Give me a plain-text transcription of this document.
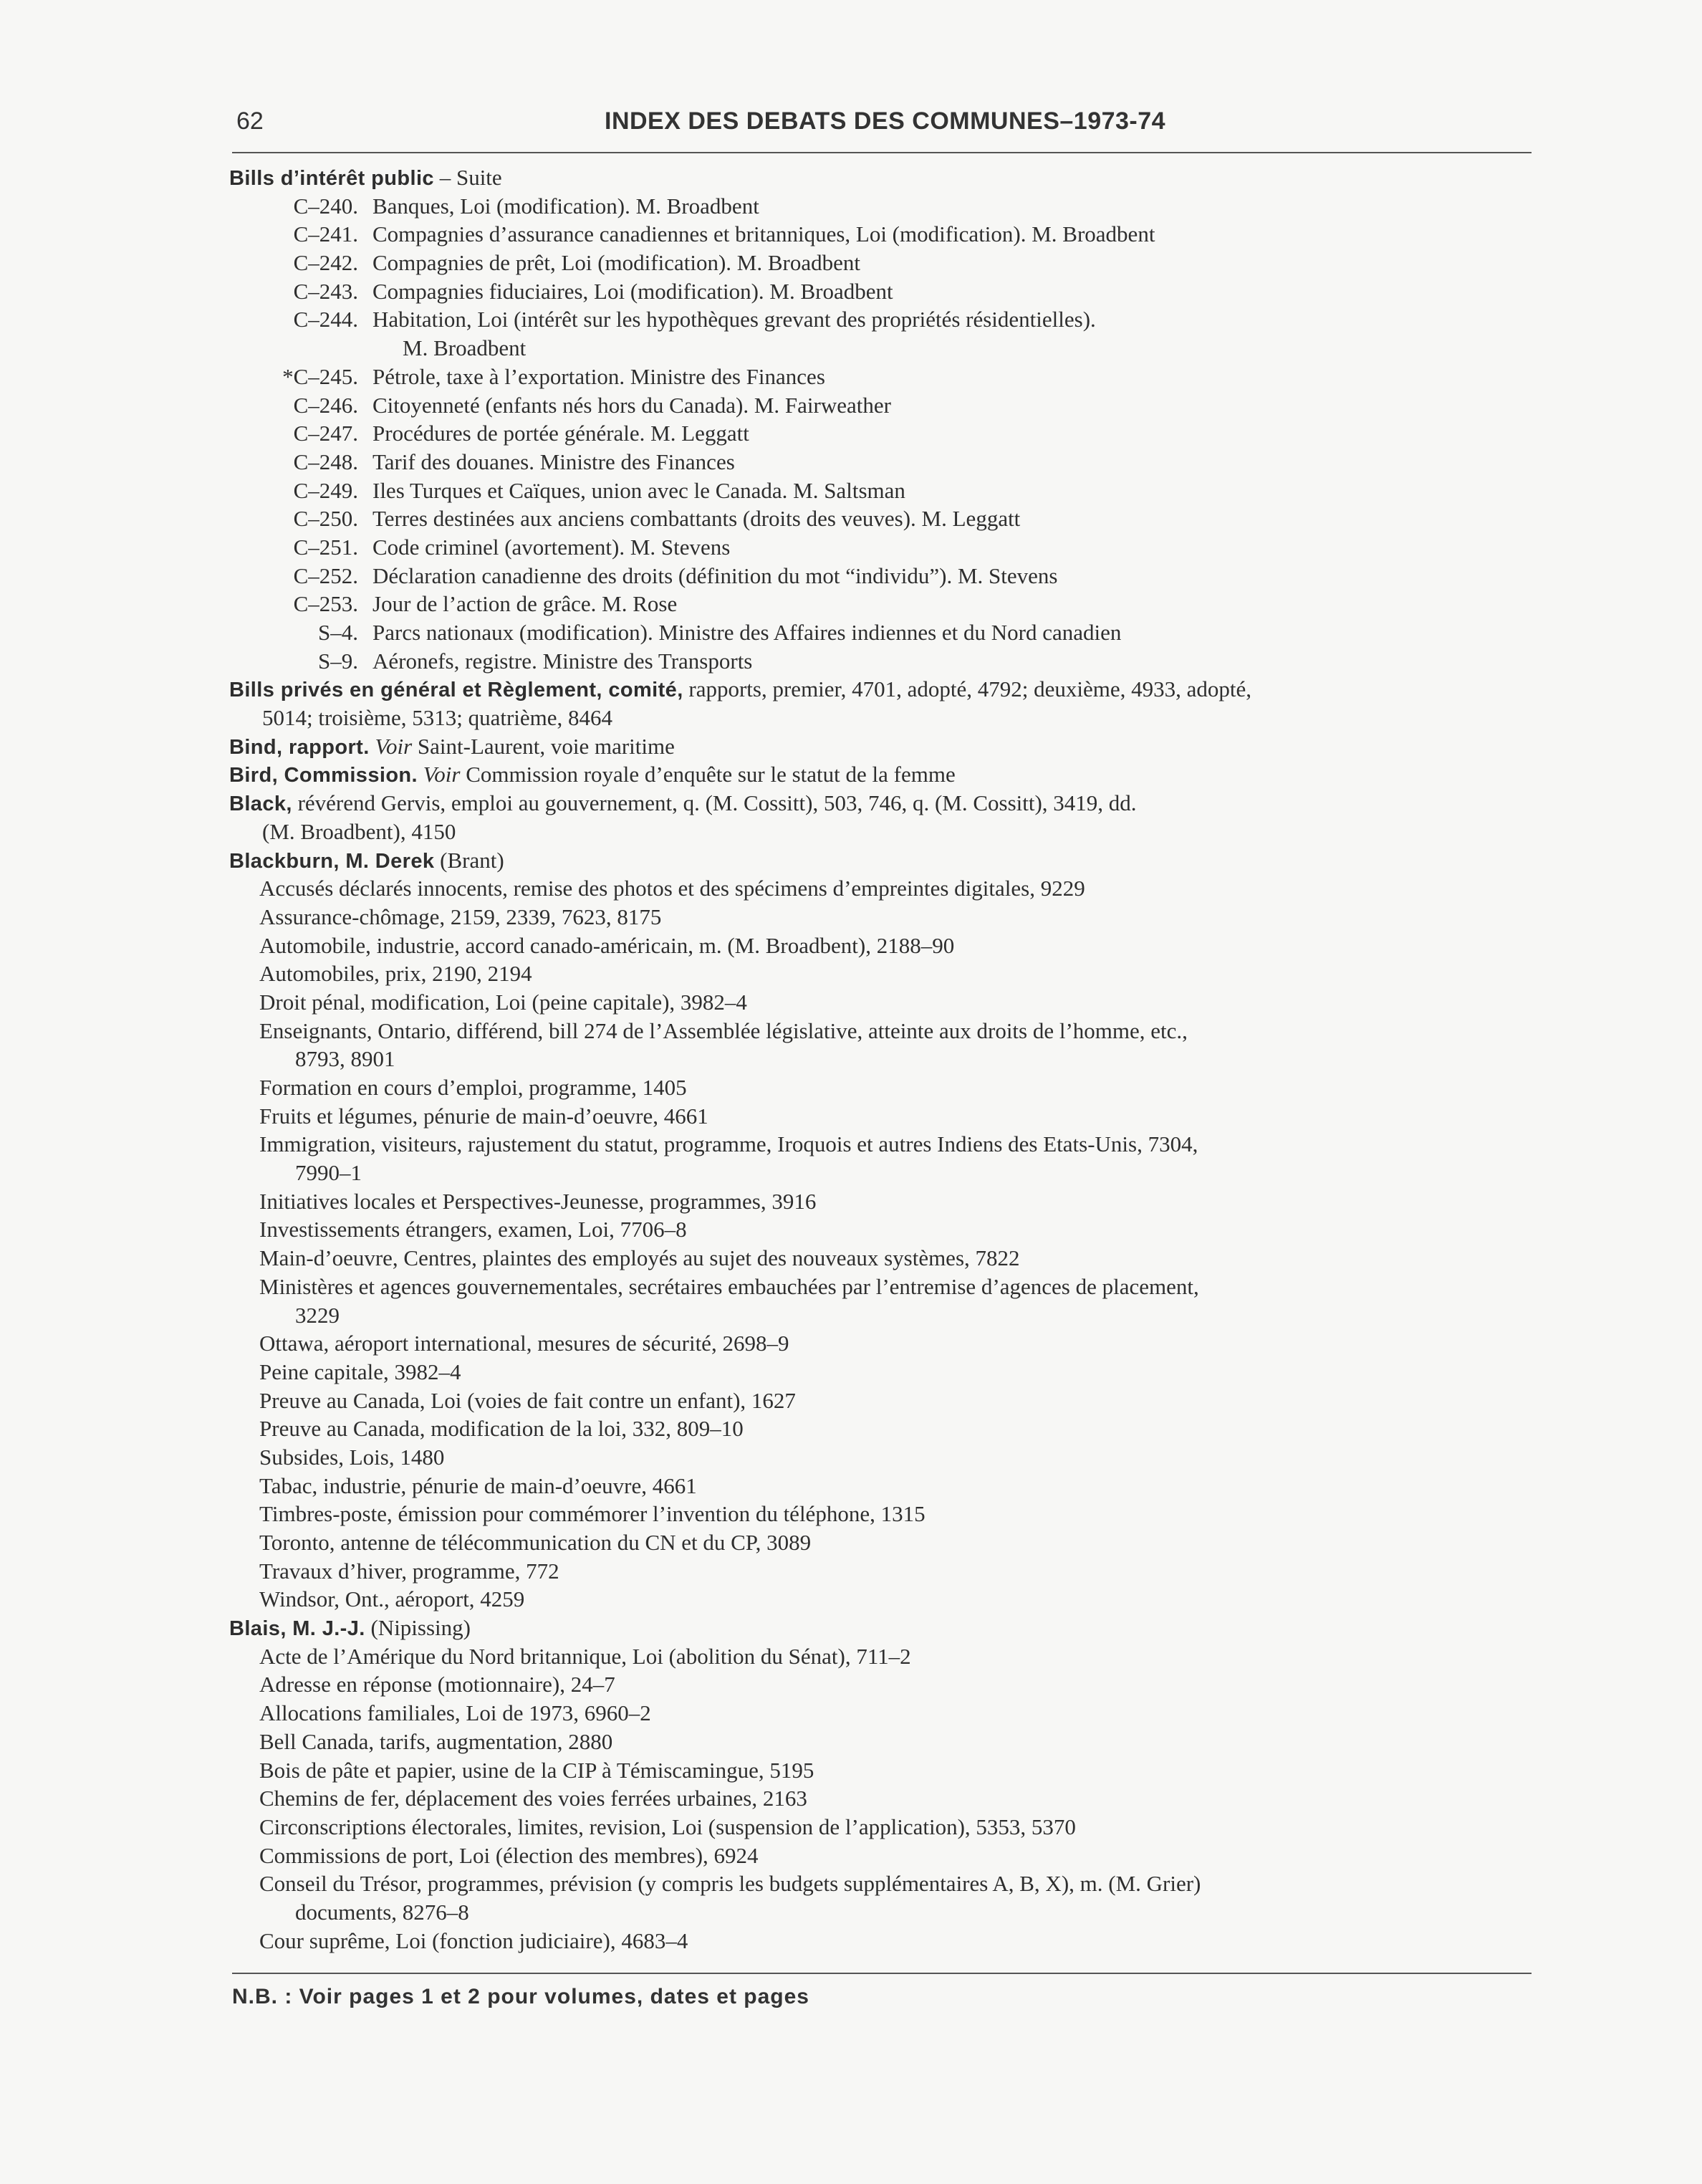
62	INDEX DES DEBATS DES COMMUNES–1973-74
Bills d’intérêt public – Suite
C–240. Banques, Loi (modification). M. Broadbent
C–241. Compagnies d’assurance canadiennes et britanniques, Loi (modification). M. Broadbent
C–242. Compagnies de prêt, Loi (modification). M. Broadbent
C–243. Compagnies fiduciaires, Loi (modification). M. Broadbent
C–244. Habitation, Loi (intérêt sur les hypothèques grevant des propriétés résidentielles).
M. Broadbent
*C–245. Pétrole, taxe à l’exportation. Ministre des Finances
C–246. Citoyenneté (enfants nés hors du Canada). M. Fairweather
C–247. Procédures de portée générale. M. Leggatt
C–248. Tarif des douanes. Ministre des Finances
C–249. Iles Turques et Caïques, union avec le Canada. M. Saltsman
C–250. Terres destinées aux anciens combattants (droits des veuves). M. Leggatt
C–251. Code criminel (avortement). M. Stevens
C–252. Déclaration canadienne des droits (définition du mot “individu”). M. Stevens
C–253. Jour de l’action de grâce. M. Rose
S–4. Parcs nationaux (modification). Ministre des Affaires indiennes et du Nord canadien
S–9. Aéronefs, registre. Ministre des Transports
Bills privés en général et Règlement, comité, rapports, premier, 4701, adopté, 4792; deuxième, 4933, adopté,
5014; troisième, 5313; quatrième, 8464
Bind, rapport. Voir Saint-Laurent, voie maritime
Bird, Commission. Voir Commission royale d’enquête sur le statut de la femme
Black, révérend Gervis, emploi au gouvernement, q. (M. Cossitt), 503, 746, q. (M. Cossitt), 3419, dd.
(M. Broadbent), 4150
Blackburn, M. Derek (Brant)
Accusés déclarés innocents, remise des photos et des spécimens d’empreintes digitales, 9229
Assurance-chômage, 2159, 2339, 7623, 8175
Automobile, industrie, accord canado-américain, m. (M. Broadbent), 2188–90
Automobiles, prix, 2190, 2194
Droit pénal, modification, Loi (peine capitale), 3982–4
Enseignants, Ontario, différend, bill 274 de l’Assemblée législative, atteinte aux droits de l’homme, etc.,
8793, 8901
Formation en cours d’emploi, programme, 1405
Fruits et légumes, pénurie de main-d’oeuvre, 4661
Immigration, visiteurs, rajustement du statut, programme, Iroquois et autres Indiens des Etats-Unis, 7304,
7990–1
Initiatives locales et Perspectives-Jeunesse, programmes, 3916
Investissements étrangers, examen, Loi, 7706–8
Main-d’oeuvre, Centres, plaintes des employés au sujet des nouveaux systèmes, 7822
Ministères et agences gouvernementales, secrétaires embauchées par l’entremise d’agences de placement,
3229
Ottawa, aéroport international, mesures de sécurité, 2698–9
Peine capitale, 3982–4
Preuve au Canada, Loi (voies de fait contre un enfant), 1627
Preuve au Canada, modification de la loi, 332, 809–10
Subsides, Lois, 1480
Tabac, industrie, pénurie de main-d’oeuvre, 4661
Timbres-poste, émission pour commémorer l’invention du téléphone, 1315
Toronto, antenne de télécommunication du CN et du CP, 3089
Travaux d’hiver, programme, 772
Windsor, Ont., aéroport, 4259
Blais, M. J.-J. (Nipissing)
Acte de l’Amérique du Nord britannique, Loi (abolition du Sénat), 711–2
Adresse en réponse (motionnaire), 24–7
Allocations familiales, Loi de 1973, 6960–2
Bell Canada, tarifs, augmentation, 2880
Bois de pâte et papier, usine de la CIP à Témiscamingue, 5195
Chemins de fer, déplacement des voies ferrées urbaines, 2163
Circonscriptions électorales, limites, revision, Loi (suspension de l’application), 5353, 5370
Commissions de port, Loi (élection des membres), 6924
Conseil du Trésor, programmes, prévision (y compris les budgets supplémentaires A, B, X), m. (M. Grier)
documents, 8276–8
Cour suprême, Loi (fonction judiciaire), 4683–4
N.B. : Voir pages 1 et 2 pour volumes, dates et pages
